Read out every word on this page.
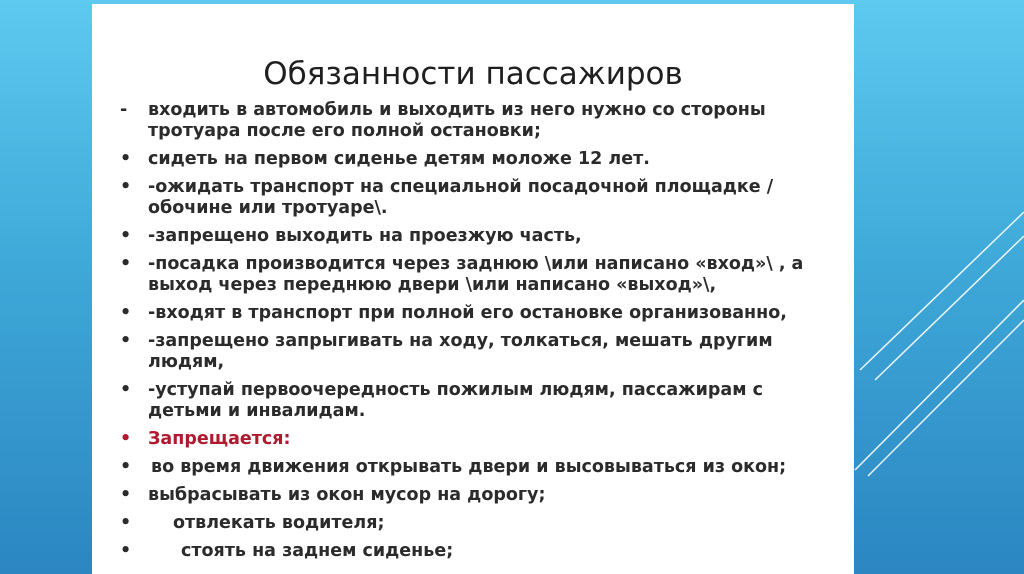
Обязанности пассажиров
-	входить в автомобиль и выходить из него нужно со стороны тротуара после его полной остановки;
• сидеть на первом сиденье детям моложе 12 лет.
• -ожидать транспорт на специальной посадочной площадке /обочине или тротуаре\.
• -запрещено выходить на проезжую часть,
• -посадка производится через заднюю \или написано «вход»\ , а выход через переднюю двери \или написано «выход»\,
• -входят в транспорт при полной его остановке организованно,
• -запрещено запрыгивать на ходу, толкаться, мешать другим людям,
• -уступай первоочередность пожилым людям, пассажирам с детьми и инвалидам.
• Запрещается:
•	во время движения открывать двери и высовываться из окон;
• выбрасывать из окон мусор на дорогу;
•	отвлекать водителя;
•	стоять на заднем сиденье;
